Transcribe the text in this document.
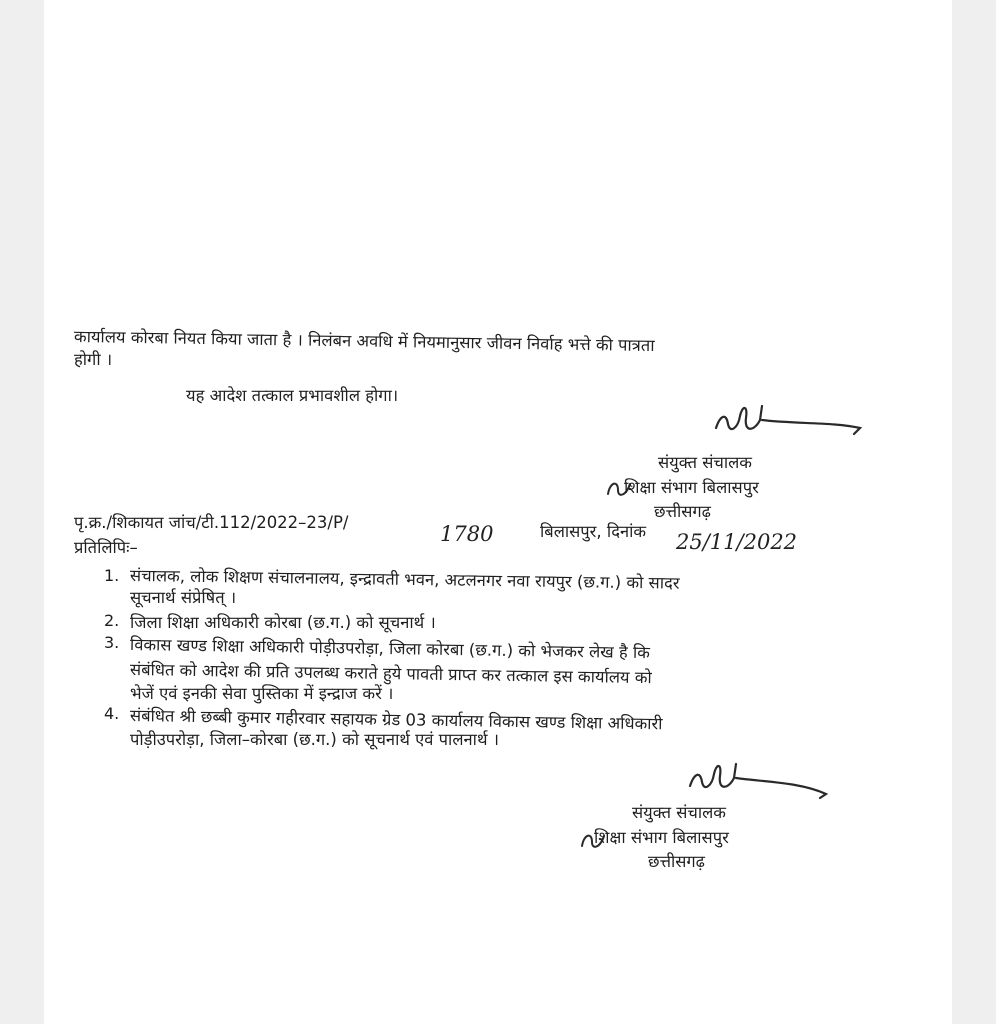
कार्यालय कोरबा नियत किया जाता है । निलंबन अवधि में नियमानुसार जीवन निर्वाह भत्ते की पात्रता
होगी ।
यह आदेश तत्काल प्रभावशील होगा।
संयुक्त संचालक
शिक्षा संभाग बिलासपुर
छत्तीसगढ़
पृ.क्र./शिकायत जांच/टी.112/2022–23/P/	1780	बिलासपुर, दिनांक 25/11/2022
प्रतिलिपिः–
1. संचालक, लोक शिक्षण संचालनालय, इन्द्रावती भवन, अटलनगर नवा रायपुर (छ.ग.) को सादर
सूचनार्थ संप्रेषित् ।
2. जिला शिक्षा अधिकारी कोरबा (छ.ग.) को सूचनार्थ ।
3. विकास खण्ड शिक्षा अधिकारी पोड़ीउपरोड़ा, जिला कोरबा (छ.ग.) को भेजकर लेख है कि
संबंधित को आदेश की प्रति उपलब्ध कराते हुये पावती प्राप्त कर तत्काल इस कार्यालय को
भेजें एवं इनकी सेवा पुस्तिका में इन्द्राज करें ।
4. संबंधित श्री छब्बी कुमार गहीरवार सहायक ग्रेड 03 कार्यालय विकास खण्ड शिक्षा अधिकारी
पोड़ीउपरोड़ा, जिला–कोरबा (छ.ग.) को सूचनार्थ एवं पालनार्थ ।
संयुक्त संचालक
शिक्षा संभाग बिलासपुर
छत्तीसगढ़
